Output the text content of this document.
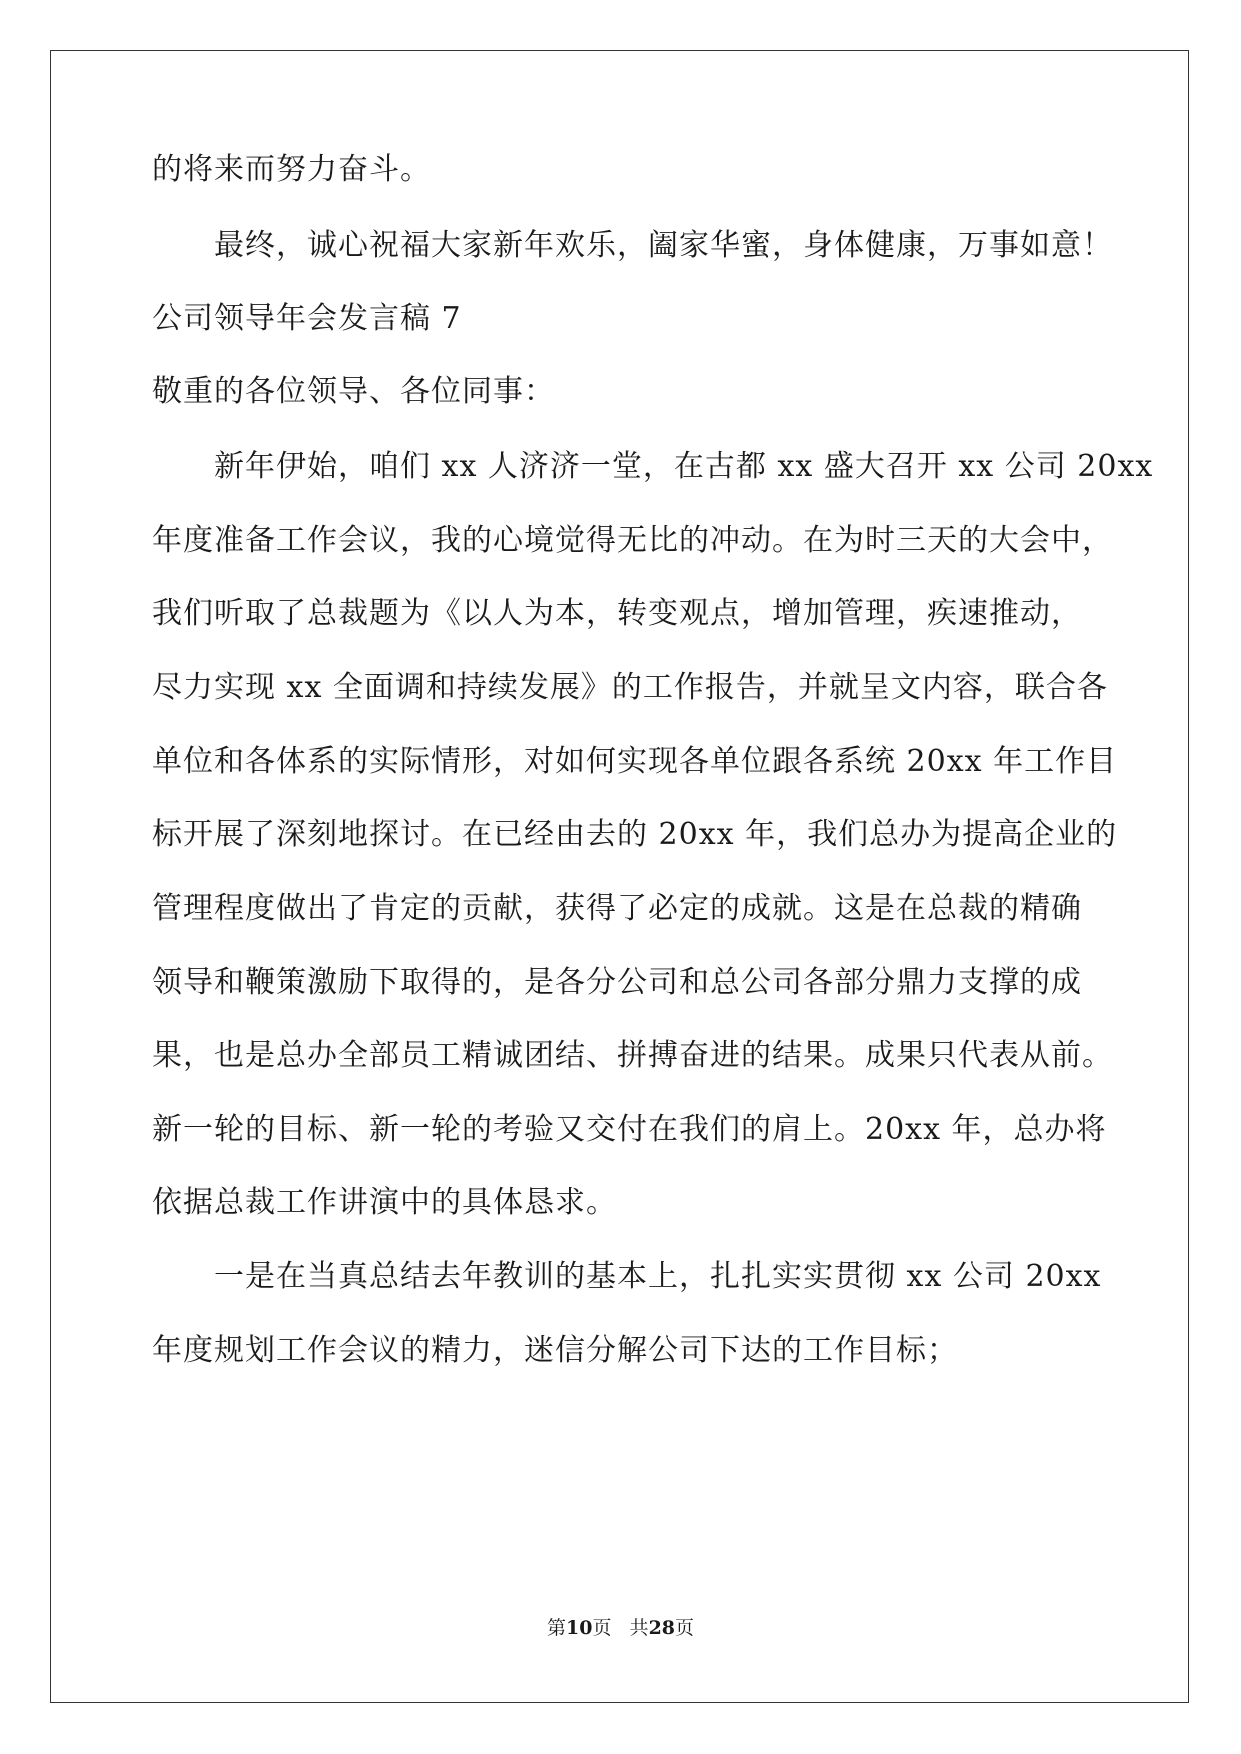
的将来而努力奋斗。
最终，诚心祝福大家新年欢乐，阖家华蜜，身体健康，万事如意！
公司领导年会发言稿 7
敬重的各位领导、各位同事：
新年伊始，咱们 xx 人济济一堂，在古都 xx 盛大召开 xx 公司 20xx
年度准备工作会议，我的心境觉得无比的冲动。在为时三天的大会中，
我们听取了总裁题为《以人为本，转变观点，增加管理，疾速推动，
尽力实现 xx 全面调和持续发展》的工作报告，并就呈文内容，联合各
单位和各体系的实际情形，对如何实现各单位跟各系统 20xx 年工作目
标开展了深刻地探讨。在已经由去的 20xx 年，我们总办为提高企业的
管理程度做出了肯定的贡献，获得了必定的成就。这是在总裁的精确
领导和鞭策激励下取得的，是各分公司和总公司各部分鼎力支撑的成
果，也是总办全部员工精诚团结、拼搏奋进的结果。成果只代表从前。
新一轮的目标、新一轮的考验又交付在我们的肩上。20xx 年，总办将
依据总裁工作讲演中的具体恳求。
一是在当真总结去年教训的基本上，扎扎实实贯彻 xx 公司 20xx
年度规划工作会议的精力，迷信分解公司下达的工作目标；
第10页   共28页
